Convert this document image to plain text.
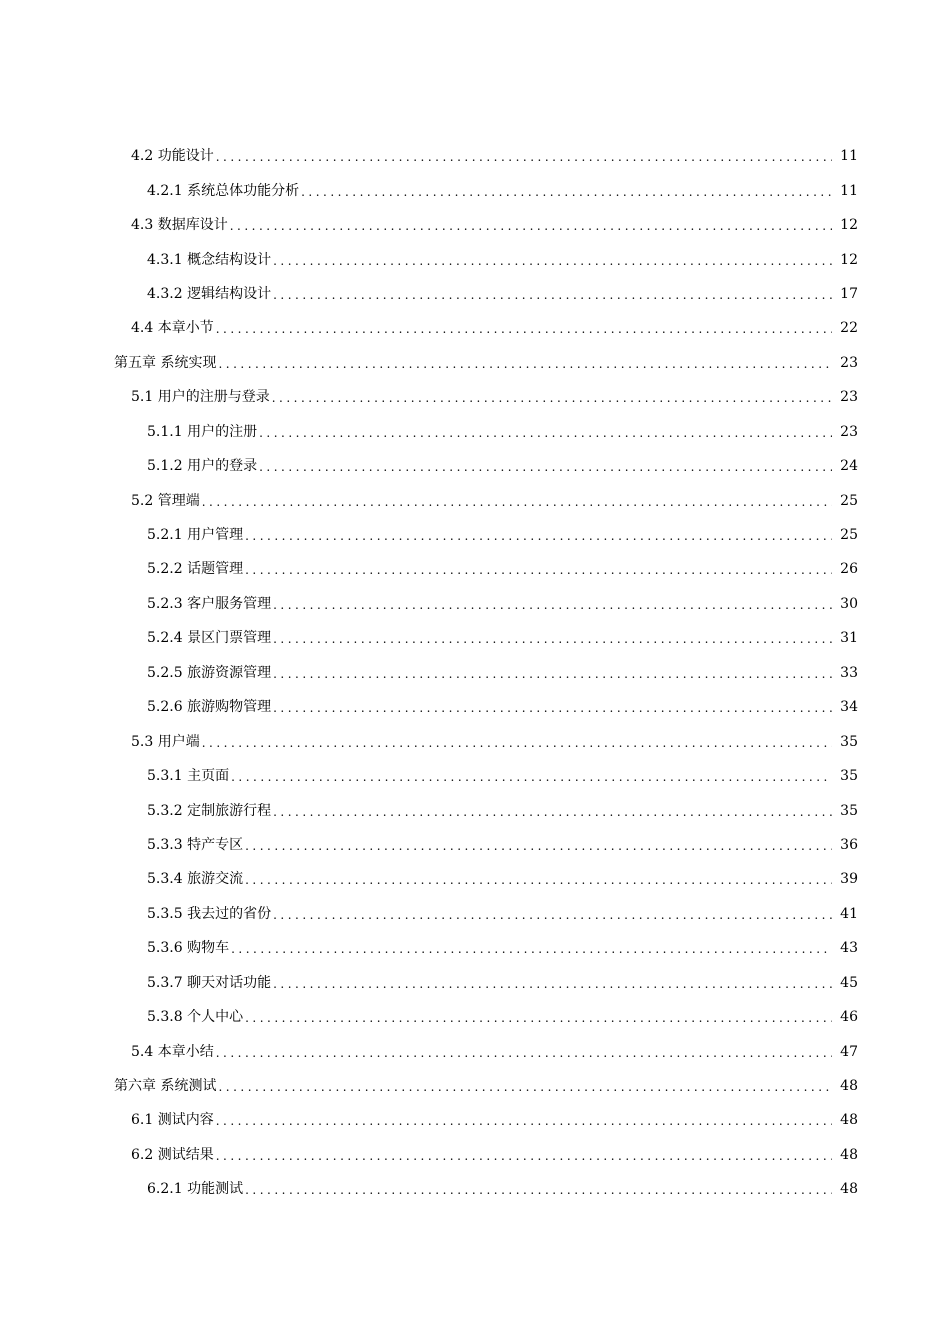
4.2 功能设计 .....	11
4.2.1 系统总体功能分析 .....	11
4.3 数据库设计 .....	12
4.3.1 概念结构设计 .....	12
4.3.2 逻辑结构设计 .....	17
4.4 本章小节 .....	22
第五章 系统实现 .....	23
5.1 用户的注册与登录 .....	23
5.1.1 用户的注册 .....	23
5.1.2 用户的登录 .....	24
5.2 管理端 .....	25
5.2.1 用户管理 .....	25
5.2.2 话题管理 .....	26
5.2.3 客户服务管理 .....	30
5.2.4 景区门票管理 .....	31
5.2.5 旅游资源管理 .....	33
5.2.6 旅游购物管理 .....	34
5.3 用户端 .....	35
5.3.1 主页面 .....	35
5.3.2 定制旅游行程 .....	35
5.3.3 特产专区 .....	36
5.3.4 旅游交流 .....	39
5.3.5 我去过的省份 .....	41
5.3.6 购物车 .....	43
5.3.7 聊天对话功能 .....	45
5.3.8 个人中心 .....	46
5.4 本章小结 .....	47
第六章 系统测试 .....	48
6.1 测试内容 .....	48
6.2 测试结果 .....	48
6.2.1 功能测试 .....	48
